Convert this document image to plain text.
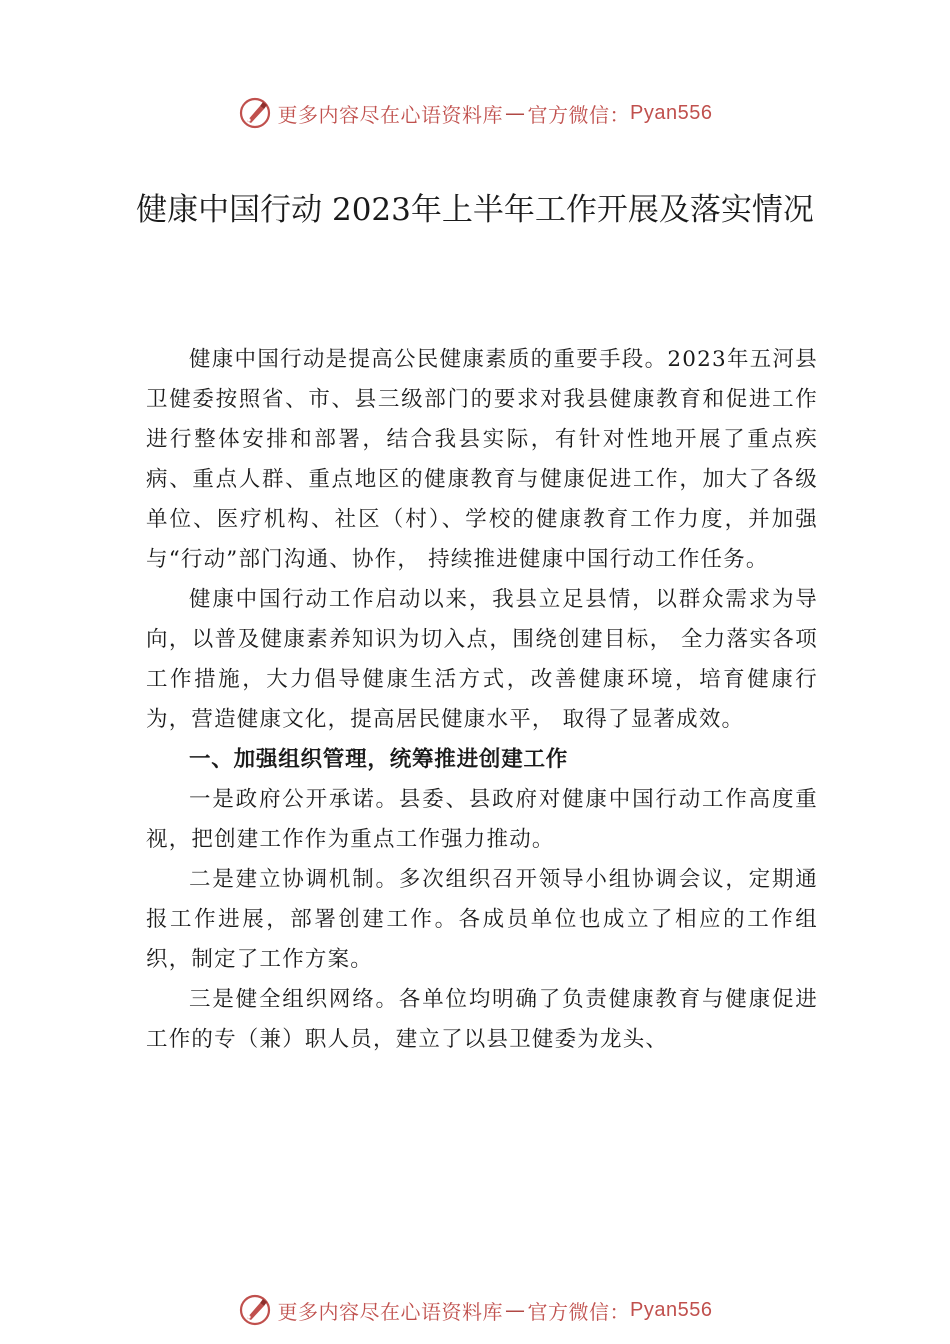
更多内容尽在心语资料库 — 官方微信： Pyan556
健康中国行动 2023年上半年工作开展及落实情况

健康中国行动是提高公民健康素质的重要手段。2023年五河县卫健委按照省、市、县三级部门的要求对我县健康教育和促进工作进行整体安排和部署，结合我县实际，有针对性地开展了重点疾病、重点人群、重点地区的健康教育与健康促进工作，加大了各级单位、医疗机构、社区（村）、学校的健康教育工作力度，并加强与“行动”部门沟通、协作， 持续推进健康中国行动工作任务。

健康中国行动工作启动以来，我县立足县情，以群众需求为导向，以普及健康素养知识为切入点，围绕创建目标， 全力落实各项工作措施，大力倡导健康生活方式，改善健康环境，培育健康行为，营造健康文化，提高居民健康水平， 取得了显著成效。

一、加强组织管理，统筹推进创建工作

一是政府公开承诺。县委、县政府对健康中国行动工作高度重视，把创建工作作为重点工作强力推动。

二是建立协调机制。多次组织召开领导小组协调会议，定期通报工作进展，部署创建工作。各成员单位也成立了相应的工作组织，制定了工作方案。

三是健全组织网络。各单位均明确了负责健康教育与健康促进工作的专（兼）职人员，建立了以县卫健委为龙头、

更多内容尽在心语资料库 — 官方微信： Pyan556
